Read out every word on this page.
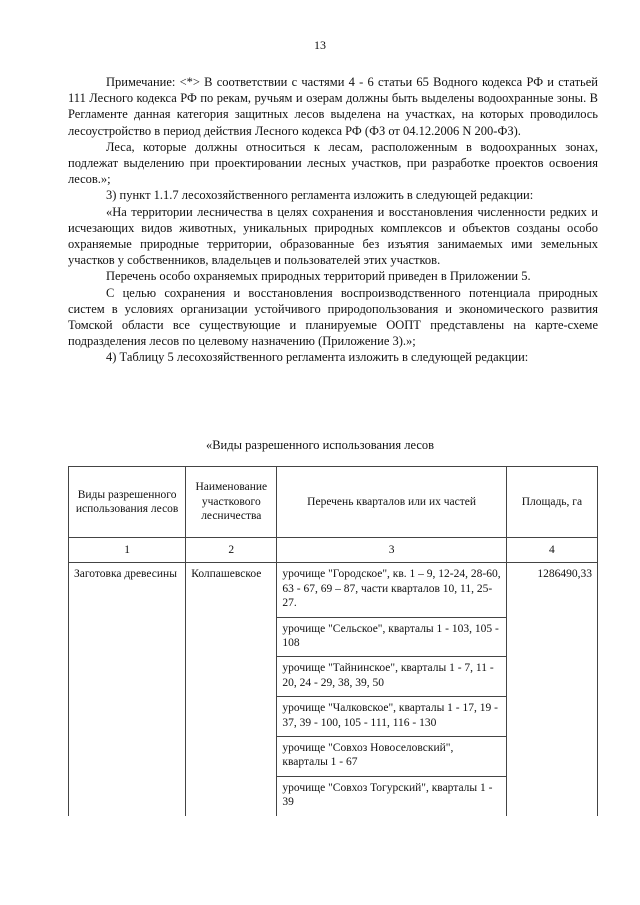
13

Примечание: <*> В соответствии с частями 4 - 6 статьи 65 Водного кодекса РФ и статьей 111 Лесного кодекса РФ по рекам, ручьям и озерам должны быть выделены водоохранные зоны. В Регламенте данная категория защитных лесов выделена на участках, на которых проводилось лесоустройство в период действия Лесного кодекса РФ (ФЗ от 04.12.2006 N 200-ФЗ).

Леса, которые должны относиться к лесам, расположенным в водоохранных зонах, подлежат выделению при проектировании лесных участков, при разработке проектов освоения лесов.»;

3) пункт 1.1.7 лесохозяйственного регламента изложить в следующей редакции:

«На территории лесничества в целях сохранения и восстановления численности редких и исчезающих видов животных, уникальных природных комплексов и объектов созданы особо охраняемые природные территории, образованные без изъятия занимаемых ими земельных участков у собственников, владельцев и пользователей этих участков.

Перечень особо охраняемых природных территорий приведен в Приложении 5.

С целью сохранения и восстановления воспроизводственного потенциала природных систем в условиях организации устойчивого природопользования и экономического развития Томской области все существующие и планируемые ООПТ представлены на карте-схеме подразделения лесов по целевому назначению (Приложение 3).»;

4) Таблицу 5 лесохозяйственного регламента изложить в следующей редакции:

«Виды разрешенного использования лесов
Виды разрешенного использования лесов	Наименование участкового лесничества	Перечень кварталов или их частей	Площадь, га
1	2	3	4
Заготовка древесины	Колпашевское	урочище "Городское", кв. 1 – 9, 12-24, 28-60, 63 - 67, 69 – 87, части кварталов 10, 11, 25-27.	1286490,33
		урочище "Сельское", кварталы 1 - 103, 105 - 108	
		урочище "Тайнинское", кварталы 1 - 7, 11 - 20, 24 - 29, 38, 39, 50	
		урочище "Чалковское", кварталы 1 - 17, 19 - 37, 39 - 100, 105 - 111, 116 - 130	
		урочище "Совхоз Новоселовский", кварталы 1 - 67	
		урочище "Совхоз Тогурский", кварталы 1 - 39	
